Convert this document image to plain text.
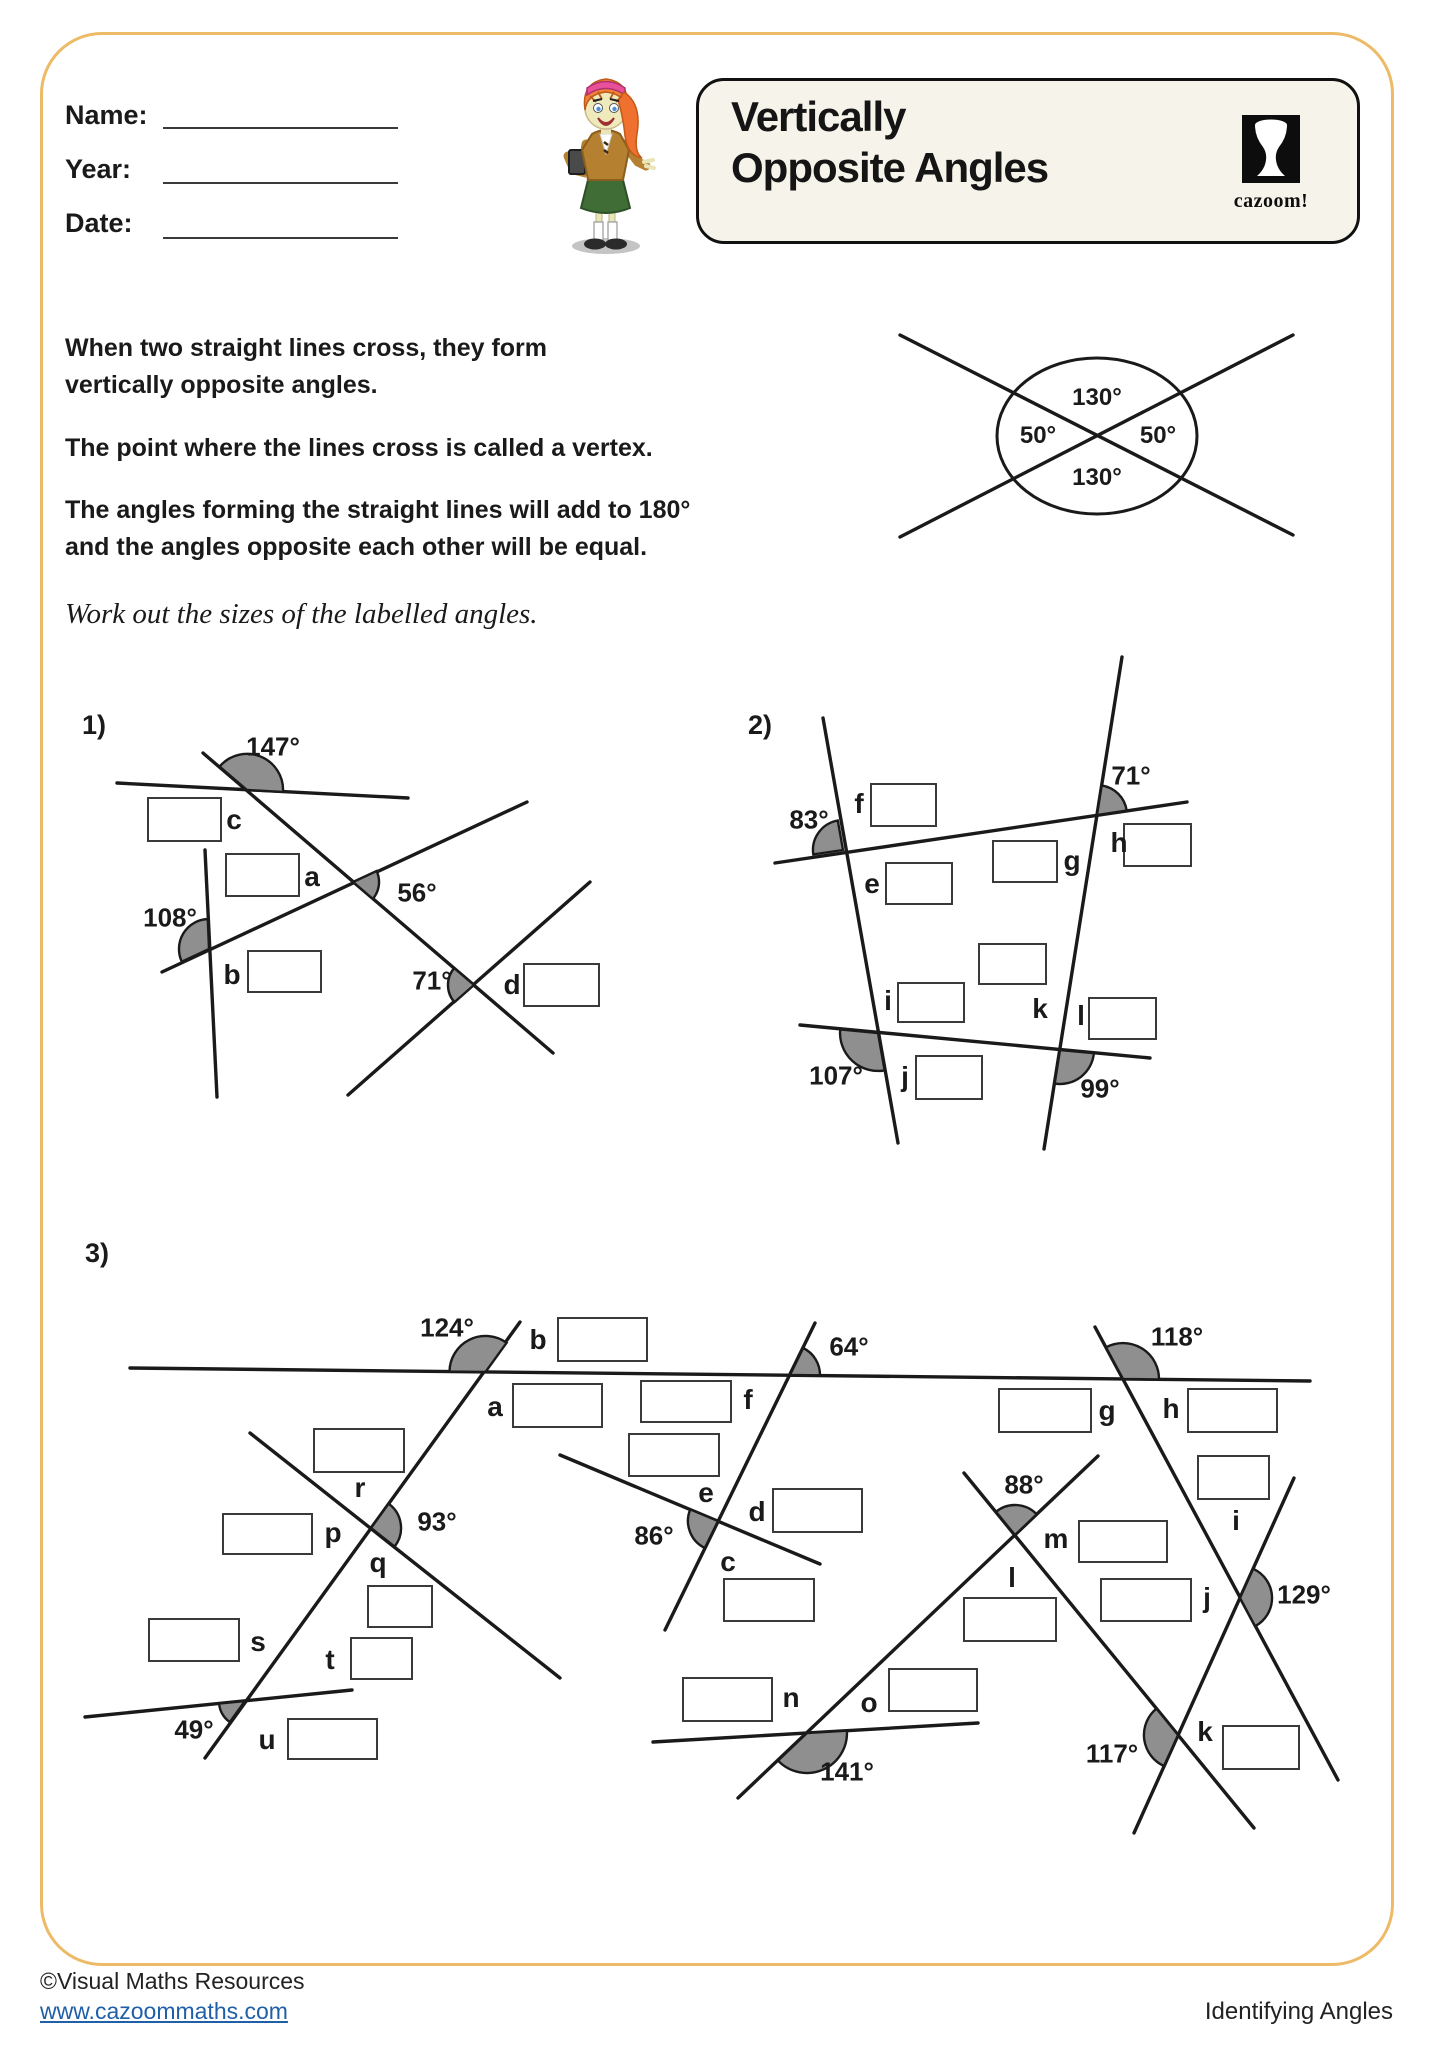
Name:
Year:
Date:
Vertically
Opposite Angles
cazoom!
When two straight lines cross, they form
vertically opposite angles.
The point where the lines cross is called a vertex.
The angles forming the straight lines will add to 180°
and the angles opposite each other will be equal.
130°
50°	50°
130°
Work out the sizes of the labelled angles.
1)
147°
56°
108°
71°
c
a
b	d
2)
83°
71°
107°	99°
f
e
g
h
i	k l
j
3)
124°
64°	118°
93°	86°
88°
49°
141°
117°
129°
b
a
r
p
q
s
t
u
f
e
d
c
n o
g h
i
m
l
j
k
©Visual Maths Resources
www.cazoommaths.com	Identifying Angles
